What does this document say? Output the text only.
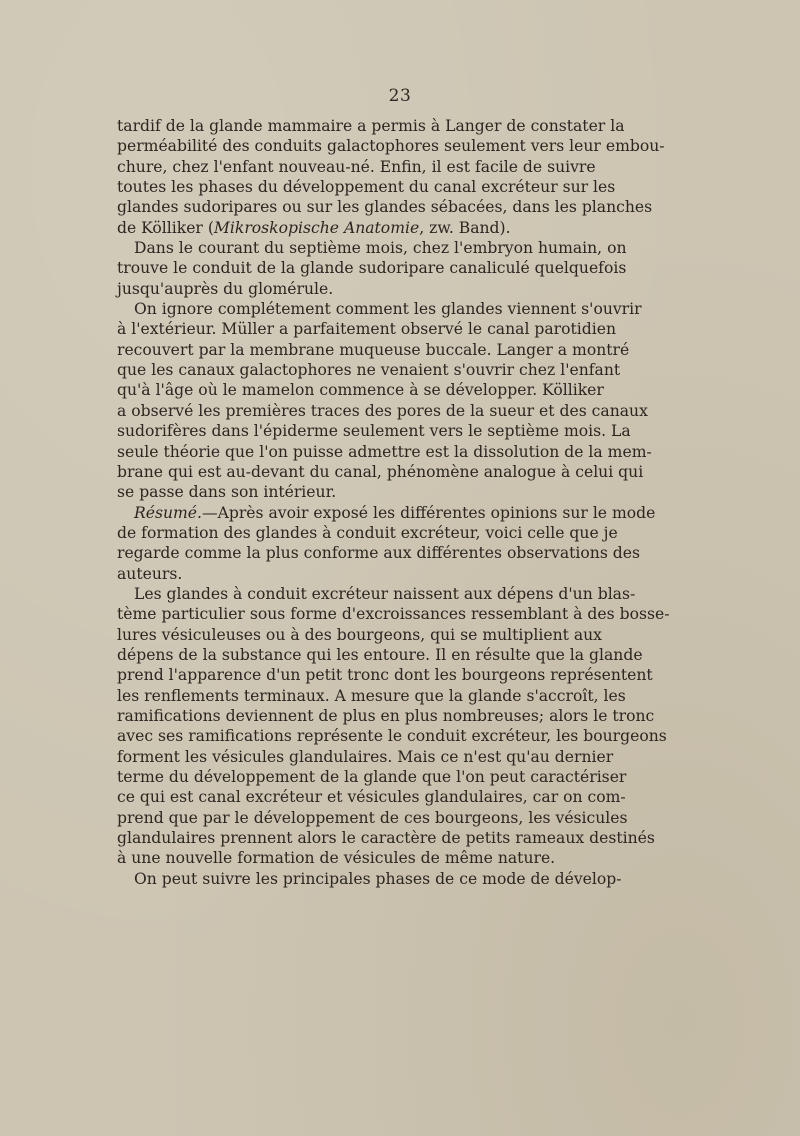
23
tardif de la glande mammaire a permis à Langer de constater la
perméabilité des conduits galactophores seulement vers leur embou-
chure, chez l'enfant nouveau-né. Enfin, il est facile de suivre
toutes les phases du développement du canal excréteur sur les
glandes sudoripares ou sur les glandes sébacées, dans les planches
de Kölliker (Mikroskopische Anatomie, zw. Band).
Dans le courant du septième mois, chez l'embryon humain, on
trouve le conduit de la glande sudoripare canaliculé quelquefois
jusqu'auprès du glomérule.
On ignore complétement comment les glandes viennent s'ouvrir
à l'extérieur. Müller a parfaitement observé le canal parotidien
recouvert par la membrane muqueuse buccale. Langer a montré
que les canaux galactophores ne venaient s'ouvrir chez l'enfant
qu'à l'âge où le mamelon commence à se développer. Kölliker
a observé les premières traces des pores de la sueur et des canaux
sudorifères dans l'épiderme seulement vers le septième mois. La
seule théorie que l'on puisse admettre est la dissolution de la mem-
brane qui est au-devant du canal, phénomène analogue à celui qui
se passe dans son intérieur.
Résumé.—Après avoir exposé les différentes opinions sur le mode
de formation des glandes à conduit excréteur, voici celle que je
regarde comme la plus conforme aux différentes observations des
auteurs.
Les glandes à conduit excréteur naissent aux dépens d'un blas-
tème particulier sous forme d'excroissances ressemblant à des bosse-
lures vésiculeuses ou à des bourgeons, qui se multiplient aux
dépens de la substance qui les entoure. Il en résulte que la glande
prend l'apparence d'un petit tronc dont les bourgeons représentent
les renflements terminaux. A mesure que la glande s'accroît, les
ramifications deviennent de plus en plus nombreuses; alors le tronc
avec ses ramifications représente le conduit excréteur, les bourgeons
forment les vésicules glandulaires. Mais ce n'est qu'au dernier
terme du développement de la glande que l'on peut caractériser
ce qui est canal excréteur et vésicules glandulaires, car on com-
prend que par le développement de ces bourgeons, les vésicules
glandulaires prennent alors le caractère de petits rameaux destinés
à une nouvelle formation de vésicules de même nature.
On peut suivre les principales phases de ce mode de dévelop-
